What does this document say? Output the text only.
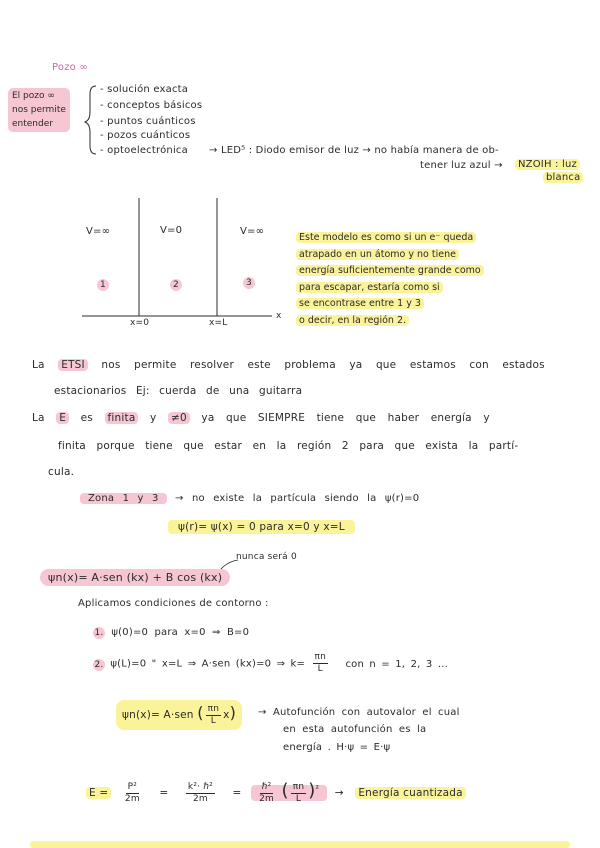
Pozo ∞
El pozo ∞
nos permite
entender
- solución exacta
- conceptos básicos
- puntos cuánticos
- pozos cuánticos
- optoelectrónica → LED⁵ : Diodo emisor de luz → no había manera de ob-
tener luz azul →	NZOIH : luz
blanca
V=∞	V=0	V=∞
1	2	3
x=0	x=L
x
Este modelo es como si un e⁻ queda
atrapado en un átomo y no tiene
energía suficientemente grande como
para escapar, estaría como si
se encontrase entre 1 y 3
o decir, en la región 2.
La ETSI nos permite resolver este problema ya que estamos con estados
estacionarios Ej: cuerda de una guitarra
La E es finita y ≠0 ya que SIEMPRE tiene que haber energía y
finita porque tiene que estar en la región 2 para que exista la partí-
cula.
Zona 1 y 3 → no existe la partícula siendo la ψ(r)=0
ψ(r)= ψ(x) = 0 para x=0 y x=L
nunca será 0
ψn(x)= A·sen (kx) + B cos (kx)
Aplicamos condiciones de contorno :
1. ψ(0)=0 para x=0 ⇒ B=0
2. ψ(L)=0 " x=L ⇒ A·sen (kx)=0 ⇒ $k= \frac{\pi n}{L}$ con n = 1, 2, 3 ...
ψn(x)= A·sen ( $\frac{\pi n}{L} x$)	→ Autofunción con autovalor el cual
en esta autofunción es la
energía . H·ψ = E·ψ
$E = \frac{\text{P²}}{2m} = \frac{\text{k²· ℏ²}}{2m} = \frac{\text{ℏ²}}{2m}$ ( $\frac{\pi n}{L} )^{^2}$ → Energía cuantizada
